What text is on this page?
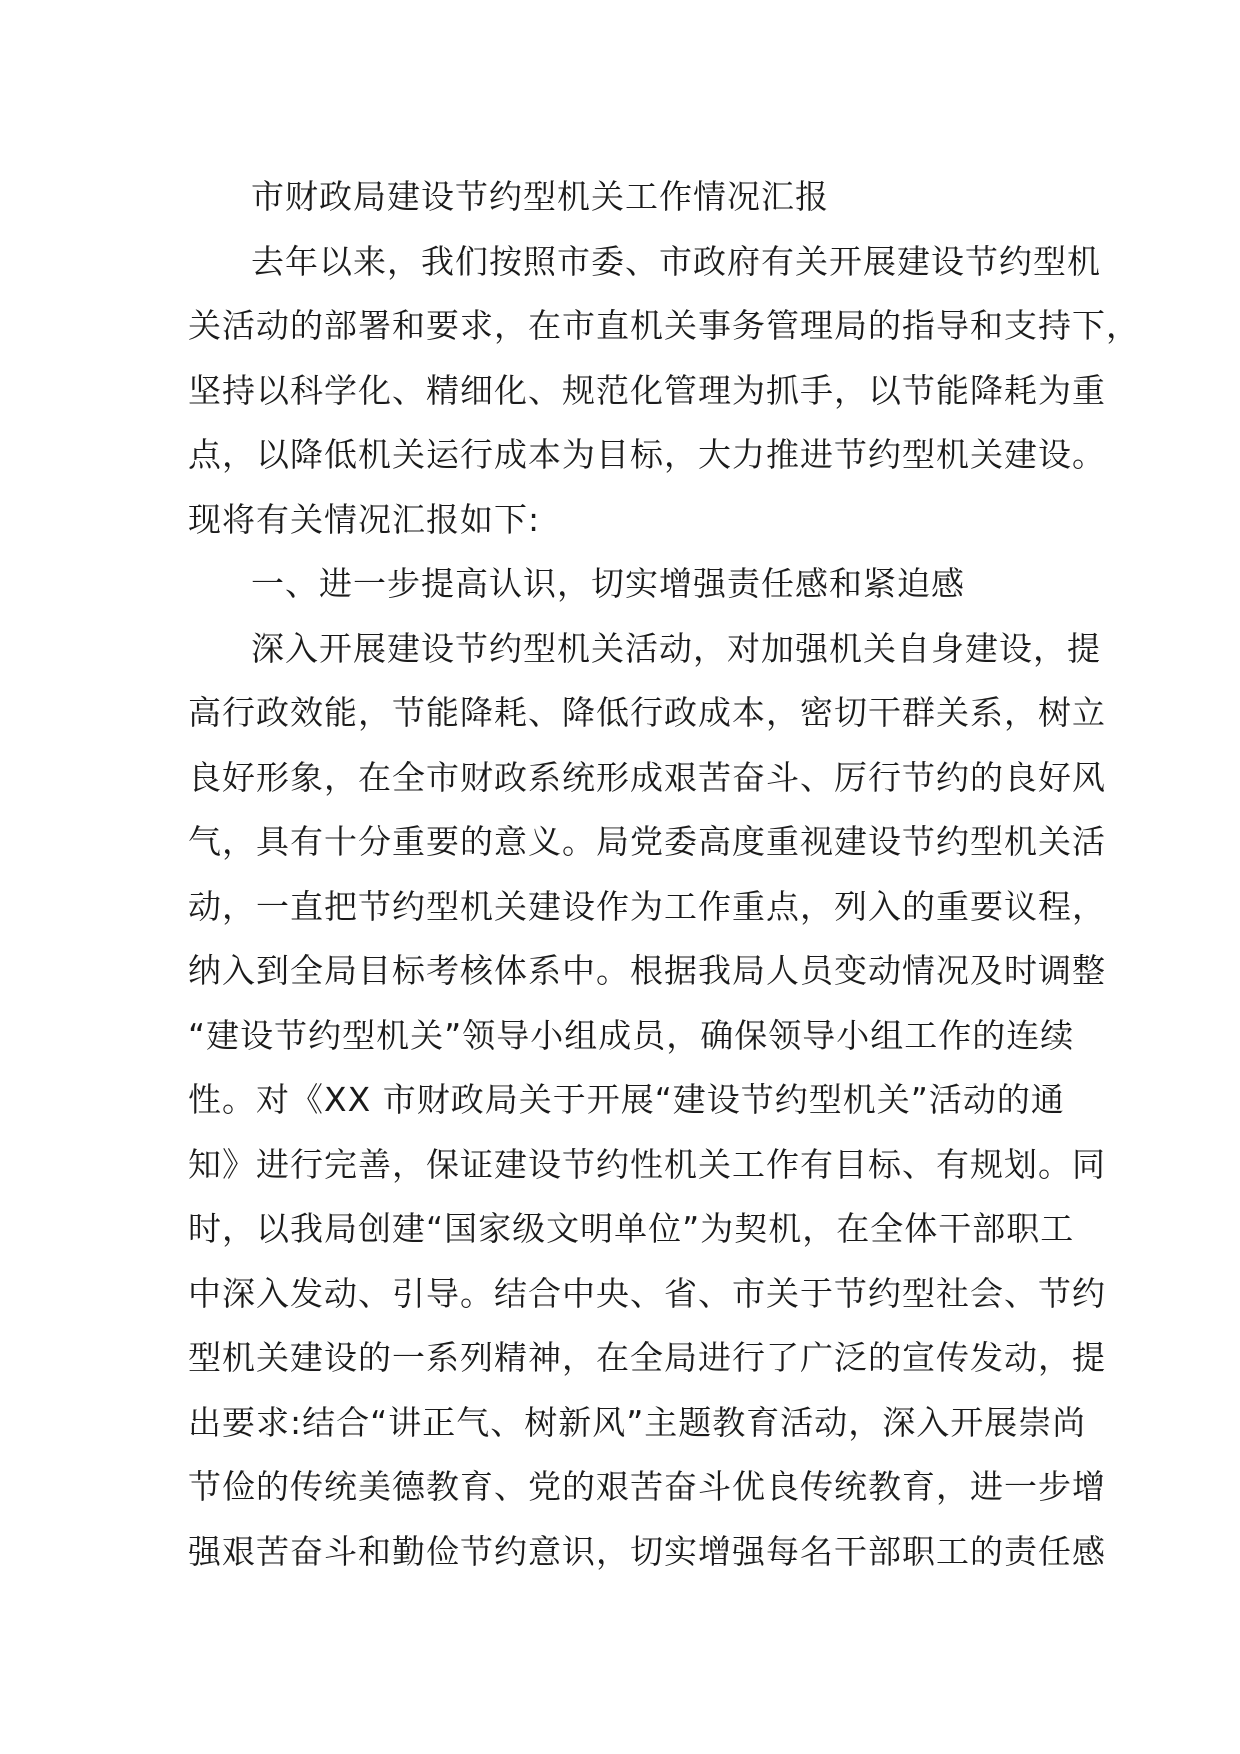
市财政局建设节约型机关工作情况汇报
去年以来，我们按照市委、市政府有关开展建设节约型机
关活动的部署和要求，在市直机关事务管理局的指导和支持下，
坚持以科学化、精细化、规范化管理为抓手，以节能降耗为重
点，以降低机关运行成本为目标，大力推进节约型机关建设。
现将有关情况汇报如下:
一、进一步提高认识，切实增强责任感和紧迫感
深入开展建设节约型机关活动，对加强机关自身建设，提
高行政效能，节能降耗、降低行政成本，密切干群关系，树立
良好形象，在全市财政系统形成艰苦奋斗、厉行节约的良好风
气，具有十分重要的意义。局党委高度重视建设节约型机关活
动，一直把节约型机关建设作为工作重点，列入的重要议程，
纳入到全局目标考核体系中。根据我局人员变动情况及时调整
“建设节约型机关”领导小组成员，确保领导小组工作的连续
性。对《XX 市财政局关于开展“建设节约型机关”活动的通
知》进行完善，保证建设节约性机关工作有目标、有规划。同
时，以我局创建“国家级文明单位”为契机，在全体干部职工
中深入发动、引导。结合中央、省、市关于节约型社会、节约
型机关建设的一系列精神，在全局进行了广泛的宣传发动，提
出要求:结合“讲正气、树新风”主题教育活动，深入开展崇尚
节俭的传统美德教育、党的艰苦奋斗优良传统教育，进一步增
强艰苦奋斗和勤俭节约意识，切实增强每名干部职工的责任感
